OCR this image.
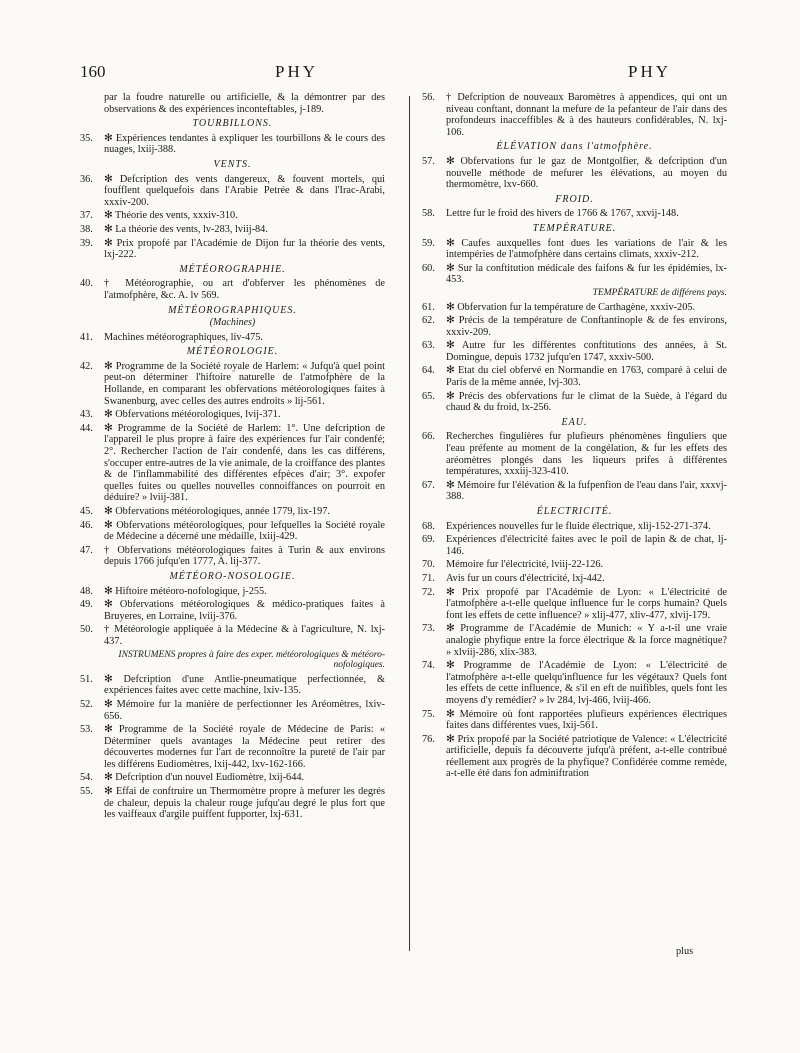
160	PHY	PHY
par la foudre naturelle ou artificielle, & la démontrer par des observations & des expériences inconteftables, j-189.
TOURBILLONS.
35.	✻ Expériences tendantes à expliquer les tourbillons & le cours des nuages, lxiij-388.
VENTS.
36.	✻ Defcription des vents dangereux, & fouvent mortels, qui foufflent quelquefois dans l'Arabie Petrée & dans l'Irac-Arabi, xxxiv-200.
37.	✻ Théorie des vents, xxxiv-310.
38.	✻ La théorie des vents, lv-283, lviij-84.
39.	✻ Prix propofé par l'Académie de Dijon fur la théorie des vents, lxj-222.
MÉTÉOROGRAPHIE.
40.	† Météorographie, ou art d'obferver les phénomènes de l'atmofphère, &c. A. lv 569.
MÉTÉOROGRAPHIQUES.
(Machines)
41.	Machines météorographiques, liv-475.
MÉTÉOROLOGIE.
42.	✻ Programme de la Société royale de Harlem: « Jufqu'à quel point peut-on déterminer l'hiftoire naturelle de l'atmofphère de la Hollande, en comparant les obfervations météorologiques faites à Swanenburg, avec celles des autres endroits » lij-561.
43.	✻ Obfervations météorologiques, lvij-371.
44.	✻ Programme de la Société de Harlem: 1°. Une defcription de l'appareil le plus propre à faire des expériences fur l'air condenfé; 2°. Rechercher l'action de l'air condenfé, dans les cas différens, s'occuper entre-autres de la vie animale, de la croiffance des plantes & de l'inflammabilité des différentes efpèces d'air; 3°. expofer quelles fuites ou quelles nouvelles connoiffances on pourroit en déduire? » lviij-381.
45.	✻ Obfervations météorologiques, année 1779, lix-197.
46.	✻ Obfervations météorologiques, pour lefquelles la Société royale de Médecine a décerné une médaille, lxiij-429.
47.	† Obfervations météorologiques faites à Turin & aux environs depuis 1766 jufqu'en 1777, A. lij-377.
MÉTÉORO-NOSOLOGIE.
48.	✻ Hiftoire météoro-nofologique, j-255.
49.	✻ Obfervations météorologiques & médico-pratiques faites à Bruyeres, en Lorraine, lviij-376.
50.	† Météorologie appliquée à la Médecine & à l'agriculture, N. lxj-437.
INSTRUMENS propres à faire des exper. météorologiques & météoro-nofologiques.
51.	✻ Defcription d'une Antlie-pneumatique perfectionnée, & expériences faites avec cette machine, lxiv-135.
52.	✻ Mémoire fur la manière de perfectionner les Aréomètres, lxiv-656.
53.	✻ Programme de la Société royale de Médecine de Paris: « Déterminer quels avantages la Médecine peut retirer des découvertes modernes fur l'art de reconnoître la pureté de l'air par les différens Eudiomètres, lxij-442, lxv-162-166.
54.	✻ Defcription d'un nouvel Eudiomètre, lxij-644.
55.	✻ Effai de conftruire un Thermomètre propre à mefurer les degrés de chaleur, depuis la chaleur rouge jufqu'au degré le plus fort que les vaiffeaux d'argile puiffent fupporter, lxj-631.
56.	† Defcription de nouveaux Baromètres à appendices, qui ont un niveau conftant, donnant la mefure de la pefanteur de l'air dans des profondeurs inacceffibles & à des hauteurs confidérables, N. lxj-106.
ÉLÉVATION dans l'atmofphère.
57.	✻ Obfervations fur le gaz de Montgolfier, & defcription d'un nouvelle méthode de mefurer les élévations, au moyen du thermomètre, lxv-660.
FROID.
58.	Lettre fur le froid des hivers de 1766 & 1767, xxvij-148.
TEMPÉRATURE.
59.	✻ Caufes auxquelles font dues les variations de l'air & les intempéries de l'atmofphère dans certains climats, xxxiv-212.
60.	✻ Sur la conftitution médicale des faifons & fur les épidémies, lx-453.
TEMPÉRATURE de différens pays.
61.	✻ Obfervation fur la température de Carthagène, xxxiv-205.
62.	✻ Précis de la température de Conftantinople & de fes environs, xxxiv-209.
63.	✻ Autre fur les différentes conftitutions des années, à St. Domingue, depuis 1732 jufqu'en 1747, xxxiv-500.
64.	✻ Etat du ciel obfervé en Normandie en 1763, comparé à celui de Paris de la même année, lvj-303.
65.	✻ Précis des obfervations fur le climat de la Suède, à l'égard du chaud & du froid, lx-256.
EAU.
66.	Recherches fingulières fur plufieurs phénomènes finguliers que l'eau préfente au moment de la congélation, & fur les effets des aréomètres plongés dans les liqueurs prifes à différentes températures, xxxiij-323-410.
67.	✻ Mémoire fur l'élévation & la fufpenfion de l'eau dans l'air, xxxvj-388.
ÉLECTRICITÉ.
68.	Expériences nouvelles fur le fluide électrique, xlij-152-271-374.
69.	Expériences d'électricité faites avec le poil de lapin & de chat, lj-146.
70.	Mémoire fur l'électricité, lviij-22-126.
71.	Avis fur un cours d'électricité, lxj-442.
72.	✻ Prix propofé par l'Académie de Lyon: « L'électricité de l'atmofphère a-t-elle quelque influence fur le corps humain? Quels font les effets de cette influence? » xlij-477, xliv-477, xlvij-179.
73.	✻ Programme de l'Académie de Munich: « Y a-t-il une vraie analogie phyfique entre la force électrique & la force magnétique? » xlviij-286, xlix-383.
74.	✻ Programme de l'Académie de Lyon: « L'électricité de l'atmofphère a-t-elle quelqu'influence fur les végétaux? Quels font les effets de cette influence, & s'il en eft de nuifibles, quels font les moyens d'y remédier? » lv 284, lvj-466, lviij-466.
75.	✻ Mémoire où font rapportées plufieurs expériences électriques faites dans différentes vues, lxij-561.
76.	✻ Prix propofé par la Société patriotique de Valence: « L'électricité artificielle, depuis fa découverte jufqu'à préfent, a-t-elle contribué réellement aux progrès de la phyfique? Confidérée comme remède, a-t-elle été dans fon adminiftration
plus
